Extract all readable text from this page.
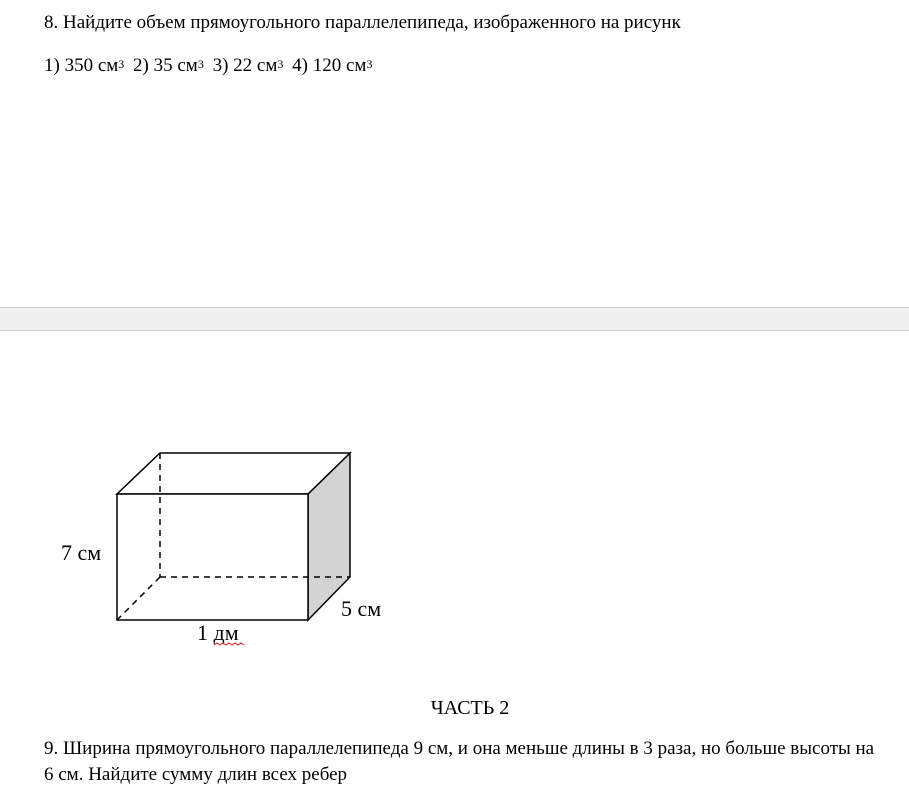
8. Найдите объем прямоугольного параллелепипеда, изображенного на рисунк
1) 350 $см^3$ 2) 35 $см^3$ 3) 22 $см^3$ 4) 120 $см^3$
7 см
5 см
1 дм
ЧАСТЬ 2
9. Ширина прямоугольного параллелепипеда 9 см, и она меньше длины в 3 раза, но больше высоты на 6 см. Найдите сумму длин всех ребер
